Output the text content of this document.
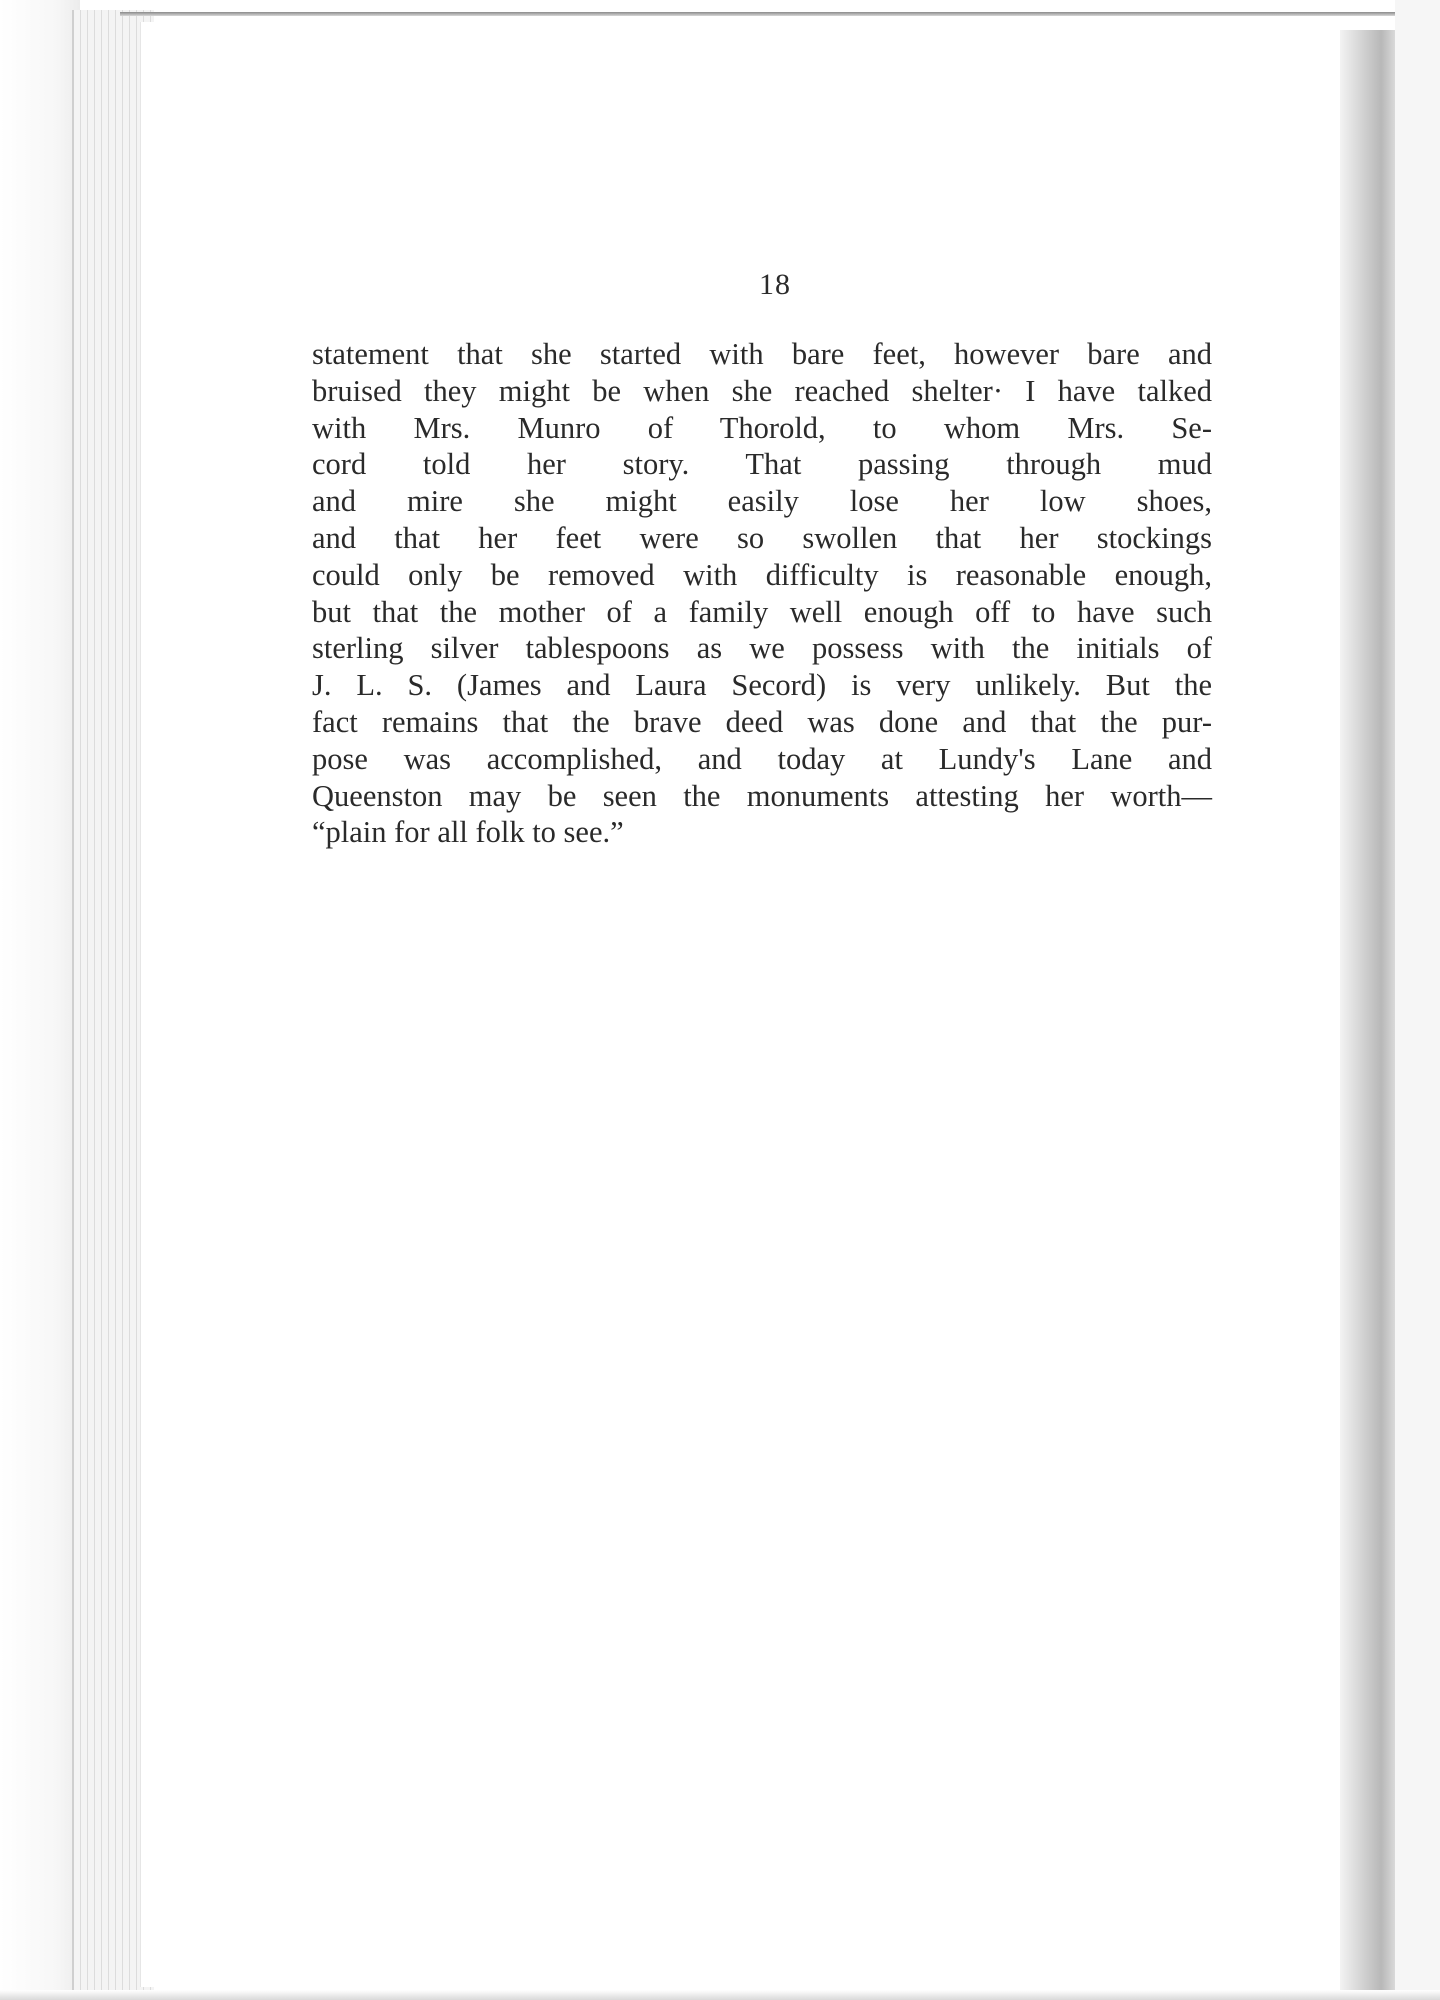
18

statement that she started with bare feet, however bare and
bruised they might be when she reached shelter· I have talked
with Mrs. Munro of Thorold, to whom Mrs. Se-
cord told her story. That passing through mud
and mire she might easily lose her low shoes,
and that her feet were so swollen that her stockings
could only be removed with difficulty is reasonable enough,
but that the mother of a family well enough off to have such
sterling silver tablespoons as we possess with the initials of
J. L. S. (James and Laura Secord) is very unlikely. But the
fact remains that the brave deed was done and that the pur-
pose was accomplished, and today at Lundy's Lane and
Queenston may be seen the monuments attesting her worth—
“plain for all folk to see.”
